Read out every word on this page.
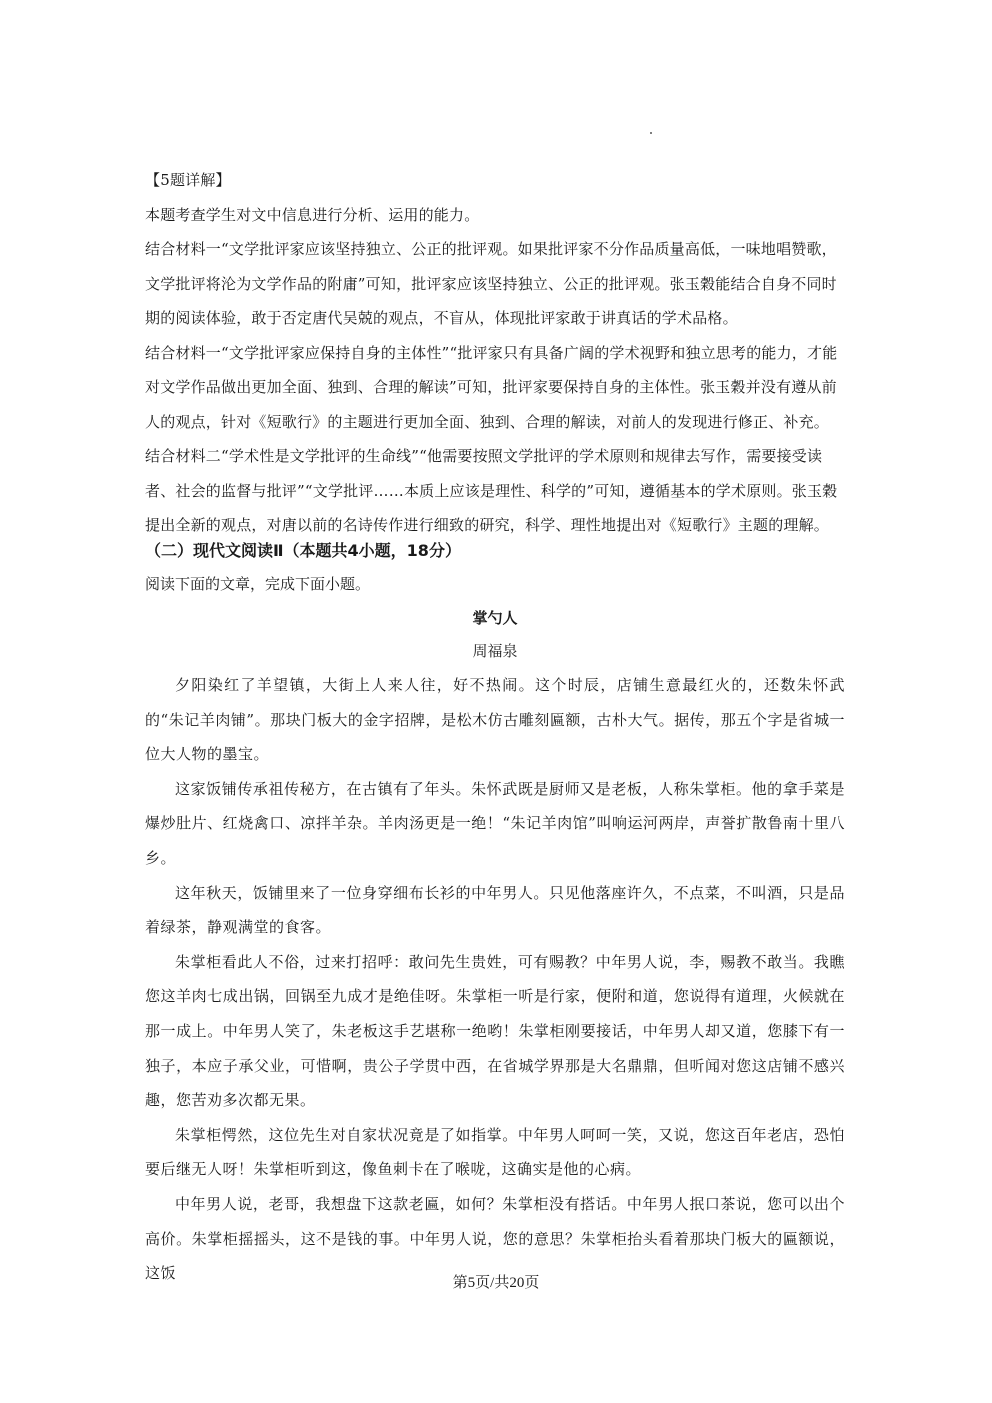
【5题详解】

本题考查学生对文中信息进行分析、运用的能力。

结合材料一“文学批评家应该坚持独立、公正的批评观。如果批评家不分作品质量高低，一味地唱赞歌，文学批评将沦为文学作品的附庸”可知，批评家应该坚持独立、公正的批评观。张玉穀能结合自身不同时期的阅读体验，敢于否定唐代吴兢的观点，不盲从，体现批评家敢于讲真话的学术品格。

结合材料一“文学批评家应保持自身的主体性”“批评家只有具备广阔的学术视野和独立思考的能力，才能对文学作品做出更加全面、独到、合理的解读”可知，批评家要保持自身的主体性。张玉穀并没有遵从前人的观点，针对《短歌行》的主题进行更加全面、独到、合理的解读，对前人的发现进行修正、补充。

结合材料二“学术性是文学批评的生命线”“他需要按照文学批评的学术原则和规律去写作，需要接受读者、社会的监督与批评”“文学批评……本质上应该是理性、科学的”可知，遵循基本的学术原则。张玉穀提出全新的观点，对唐以前的名诗传作进行细致的研究，科学、理性地提出对《短歌行》主题的理解。

（二）现代文阅读Ⅱ（本题共4小题，18分）
阅读下面的文章，完成下面小题。
掌勺人
周福泉

夕阳染红了羊望镇，大街上人来人往，好不热闹。这个时辰，店铺生意最红火的，还数朱怀武的“朱记羊肉铺”。那块门板大的金字招牌，是松木仿古雕刻匾额，古朴大气。据传，那五个字是省城一位大人物的墨宝。

这家饭铺传承祖传秘方，在古镇有了年头。朱怀武既是厨师又是老板，人称朱掌柜。他的拿手菜是爆炒肚片、红烧禽口、凉拌羊杂。羊肉汤更是一绝！“朱记羊肉馆”叫响运河两岸，声誉扩散鲁南十里八乡。

这年秋天，饭铺里来了一位身穿细布长衫的中年男人。只见他落座许久，不点菜，不叫酒，只是品着绿茶，静观满堂的食客。

朱掌柜看此人不俗，过来打招呼：敢问先生贵姓，可有赐教？中年男人说，李，赐教不敢当。我瞧您这羊肉七成出锅，回锅至九成才是绝佳呀。朱掌柜一听是行家，便附和道，您说得有道理，火候就在那一成上。中年男人笑了，朱老板这手艺堪称一绝哟！朱掌柜刚要接话，中年男人却又道，您膝下有一独子，本应子承父业，可惜啊，贵公子学贯中西，在省城学界那是大名鼎鼎，但听闻对您这店铺不感兴趣，您苦劝多次都无果。

朱掌柜愕然，这位先生对自家状况竟是了如指掌。中年男人呵呵一笑，又说，您这百年老店，恐怕要后继无人呀！朱掌柜听到这，像鱼刺卡在了喉咙，这确实是他的心病。

中年男人说，老哥，我想盘下这款老匾，如何？朱掌柜没有搭话。中年男人抿口茶说，您可以出个高价。朱掌柜摇摇头，这不是钱的事。中年男人说，您的意思？朱掌柜抬头看着那块门板大的匾额说，这饭

第5页/共20页
